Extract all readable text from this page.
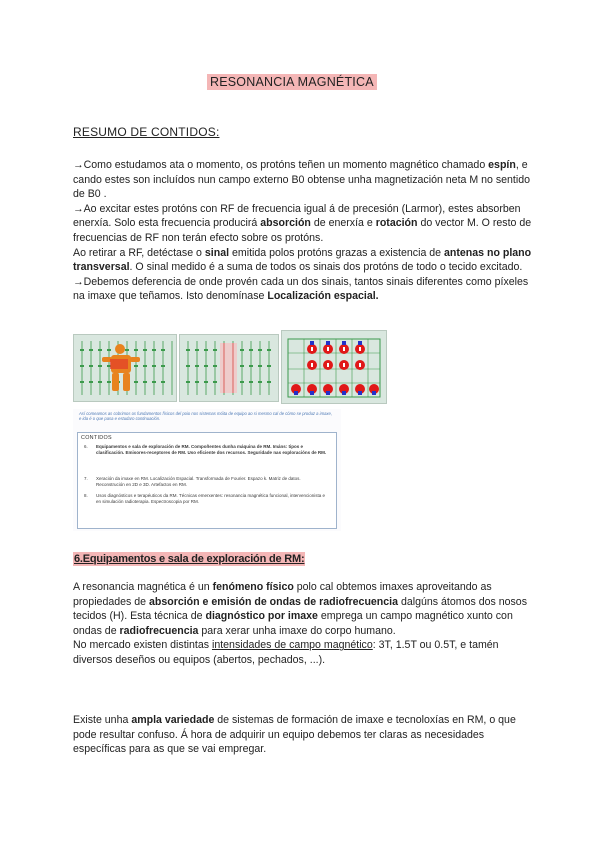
RESONANCIA MAGNÉTICA
RESUMO DE CONTIDOS:

→Como estudamos ata o momento, os protóns teñen un momento magnético chamado espín, e cando estes son incluídos nun campo externo B0 obtense unha magnetización neta M no sentido de B0 .
→Ao excitar estes protóns con RF de frecuencia igual á de precesión (Larmor), estes absorben enerxía. Solo esta frecuencia producirá absorción de enerxía e rotación do vector M. O resto de frecuencias de RF non terán efecto sobre os protóns.
Ao retirar a RF, detéctase o sinal emitida polos protóns grazas a existencia de antenas no plano transversal. O sinal medido é a suma de todos os sinais dos protóns de todo o tecido excitado.
→Debemos deferencia de onde provén cada un dos sinais, tantos sinais diferentes como píxeles na imaxe que teñamos. Isto denomínase Localización espacial.

Así comeamos as cobrimos os fundamentos físicos del poio nos sistemas móita de equipo ao si mesmo cal de cómo se produz a imaxe, e ida é o que pasa e estudaro continuación.
CONTIDOS
6.	Equipamentos e sala de exploración de RM. Compoñentes dunha máquina de RM. Imáns: tipos e clasificación. Emisores-receptores de RM. Uso eficiente dos recursos. Seguridade nas exploracións de RM.
7.	Xeración da imaxe en RM. Localización Espacial. Transformada de Fourier. Espazo k. Matriz de datos. Reconstrución en 2D e 3D. Artefactos en RM.
8.	Usos diagnósticos e terapéuticos da RM. Técnicas emerxentes: resonancia magnética funcional, intervencionista e en simulación radioterapia. Espectroscopia por RM.
6.Equipamentos e sala de exploración de RM:

A resonancia magnética é un fenómeno físico polo cal obtemos imaxes aproveitando as propiedades de absorción e emisión de ondas de radiofrecuencia dalgúns átomos dos nosos tecidos (H). Esta técnica de diagnóstico por imaxe emprega un campo magnético xunto con ondas de radiofrecuencia para xerar unha imaxe do corpo humano.
No mercado existen distintas intensidades de campo magnético: 3T, 1.5T ou 0.5T, e tamén diversos deseños ou equipos (abertos, pechados, ...).

Existe unha ampla variedade de sistemas de formación de imaxe e tecnoloxías en RM, o que pode resultar confuso. Á hora de adquirir un equipo debemos ter claras as necesidades específicas para as que se vai empregar.
